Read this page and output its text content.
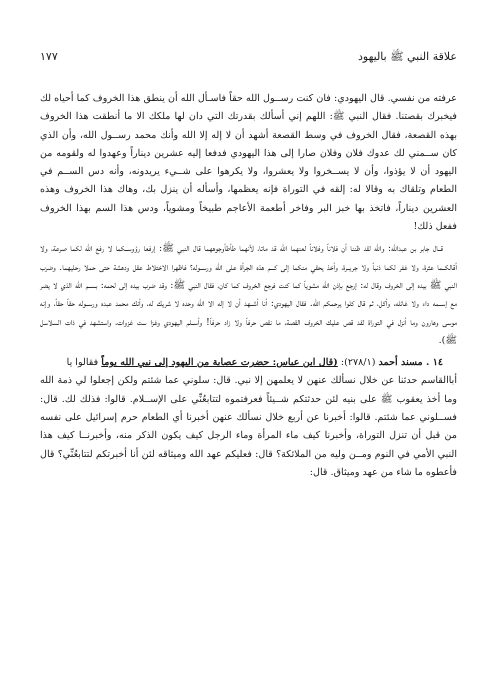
علاقة النبي ﷺ باليهود
١٧٧

عرفته من نفسي. قال اليهودي: فان كنت رســول الله حقاً فاسـأل الله أن ينطق هذا الخروف كما أحياه لك فيخبرك بقصتنا. فقال النبي ﷺ: اللهم إني أسألك بقدرتك التي دان لها ملكك الا ما أنطقت هذا الخروف بهذه القصعة، فقال الخروف في وسط القصعة أشهد أن لا إله إلا الله وأنك محمد رســول الله، وأن الذي كان ســمني لك عدوك فلان وفلان صارا إلى هذا اليهودي فدفعا إليه عشرين ديناراً وعهدوا له ولقومه من اليهود أن لا يؤذوا، وأن لا يســخروا ولا يعشروا، ولا يكرهوا على شــيء يريدونه، وأنه دس الســم في الطعام وتلقاك به وقالا له: إلقه في التوراة فإنه يعظمها، وأسأله أن ينزل بك، وهاك هذا الخروف وهذه العشرين ديناراً، فاتخذ بها خبز البر وفاخر أطعمة الأعاجم طبيخاً ومشوياً، ودس هذا السم بهذا الخروف ففعل ذلك!

قــال جابر بن عبدالله: والله لقد ظننا أن فلاناً وفلاناً لعنهما الله قد ماتا، لأنهما طأطأوجوههما قال النبي ﷺ: إرفعا رؤوســكما لا رفع الله لكما صرعة، ولا أقالكــما عثرة، ولا غفر لكما ذنباً ولا جريــرة، وأخذ يحقي منكما إلى كـــم هذه الجرأة على الله ورســوله؟ فاظهرا الاختلاط عقل ودهشة حتى حملا رحليهما. وضرب النبي ﷺ بيده إلى الخروف وقال له: إرجع بإذن الله مشوياً كما كنت فرجع الخروف كما كان، فقال النبي ﷺ: وقد ضرب بيده إلى لحمه: بســم الله الذي لا يضر مع إســمه داء ولا غائله، وأكل، ثم قال كلوا يرحمكم الله. فقال اليهودي: أنا أشــهد أن لا إله الا الله وحده لا شريك له، وأنك محمد عبده ورســوله حقاً حقاً، وإنه موسى وهارون وما أنزل في التوراة لقد قص عليك الخروف القصة، ما نقص حرفاً ولا زاد حرفاً! وأســلم اليهودي وغزا ست غزوات، واستشهد في ذات السلاسل ﷺ).

١٤ . مسند أحمد (٢٧٨/١): (قال ابن عباس: حضرت عصابة من اليهود إلى نبي الله يوماً فقالوا يا

أباالقاسم حدثنا عن خلال نسألك عنهن لا يعلمهن إلا نبي. قال: سلوني عما شئتم ولكن إجعلوا لي ذمة الله وما أخذ يعقوب ﷺ على بنيه لئن حدثتكم شــيئاً فعرفتموه لتتابعُنِّي على الإســلام. قالوا: فذلك لك. قال: فســلوني عما شئتم. قالوا: أخبرنا عن أربع خلال نسألك عنهن أخبرنا أي الطعام حرم إسرائيل على نفسه من قبل أن تنزل التوراة، وأخبرنا كيف ماء المرأة وماء الرجل كيف يكون الذكر منه، وأخبرنــا كيف هذا النبي الأمي في النوم ومــن وليه من الملائكة؟ قال: فعليكم عهد الله وميثاقه لئن أنا أخبرتكم لتتابعُنِّي؟ قال فأعطوه ما شاء من عهد وميثاق. قال:
